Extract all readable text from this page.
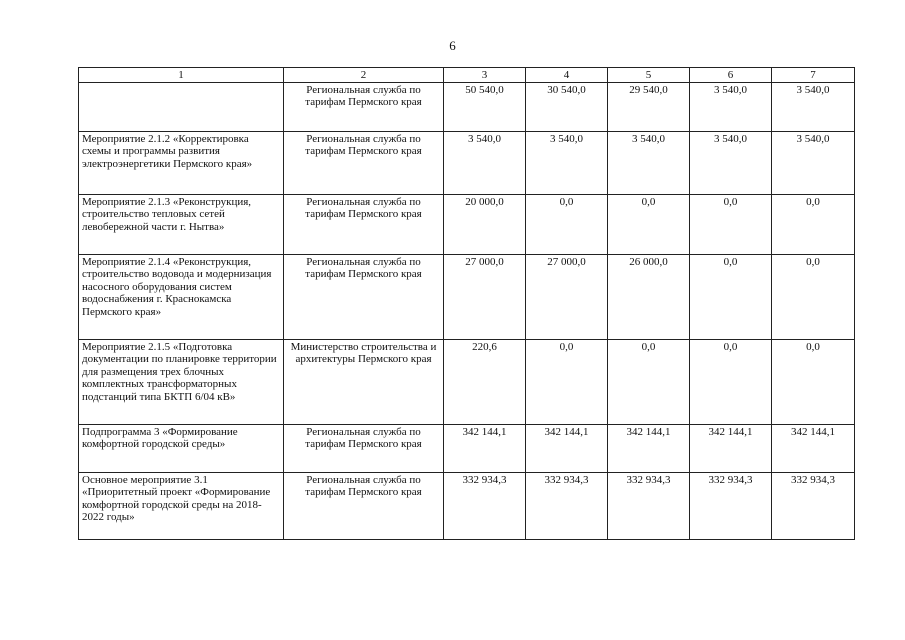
6
1	2	3	4	5	6	7
	Региональная служба по тарифам Пермского края	50 540,0	30 540,0	29 540,0	3 540,0	3 540,0
Мероприятие 2.1.2 «Корректировка схемы и программы развития электроэнергетики Пермского края»	Региональная служба по тарифам Пермского края	3 540,0	3 540,0	3 540,0	3 540,0	3 540,0
Мероприятие 2.1.3 «Реконструкция, строительство тепловых сетей левобережной части г. Нытва»	Региональная служба по тарифам Пермского края	20 000,0	0,0	0,0	0,0	0,0
Мероприятие 2.1.4 «Реконструкция, строительство водовода и модернизация насосного оборудования систем водоснабжения г. Краснокамска Пермского края»	Региональная служба по тарифам Пермского края	27 000,0	27 000,0	26 000,0	0,0	0,0
Мероприятие 2.1.5 «Подготовка документации по планировке территории для размещения трех блочных комплектных трансформаторных подстанций типа БКТП 6/04 кВ»	Министерство строительства и архитектуры Пермского края	220,6	0,0	0,0	0,0	0,0
Подпрограмма 3 «Формирование комфортной городской среды»	Региональная служба по тарифам Пермского края	342 144,1	342 144,1	342 144,1	342 144,1	342 144,1
Основное мероприятие 3.1 «Приоритетный проект «Формирование комфортной городской среды на 2018-2022 годы»	Региональная служба по тарифам Пермского края	332 934,3	332 934,3	332 934,3	332 934,3	332 934,3
